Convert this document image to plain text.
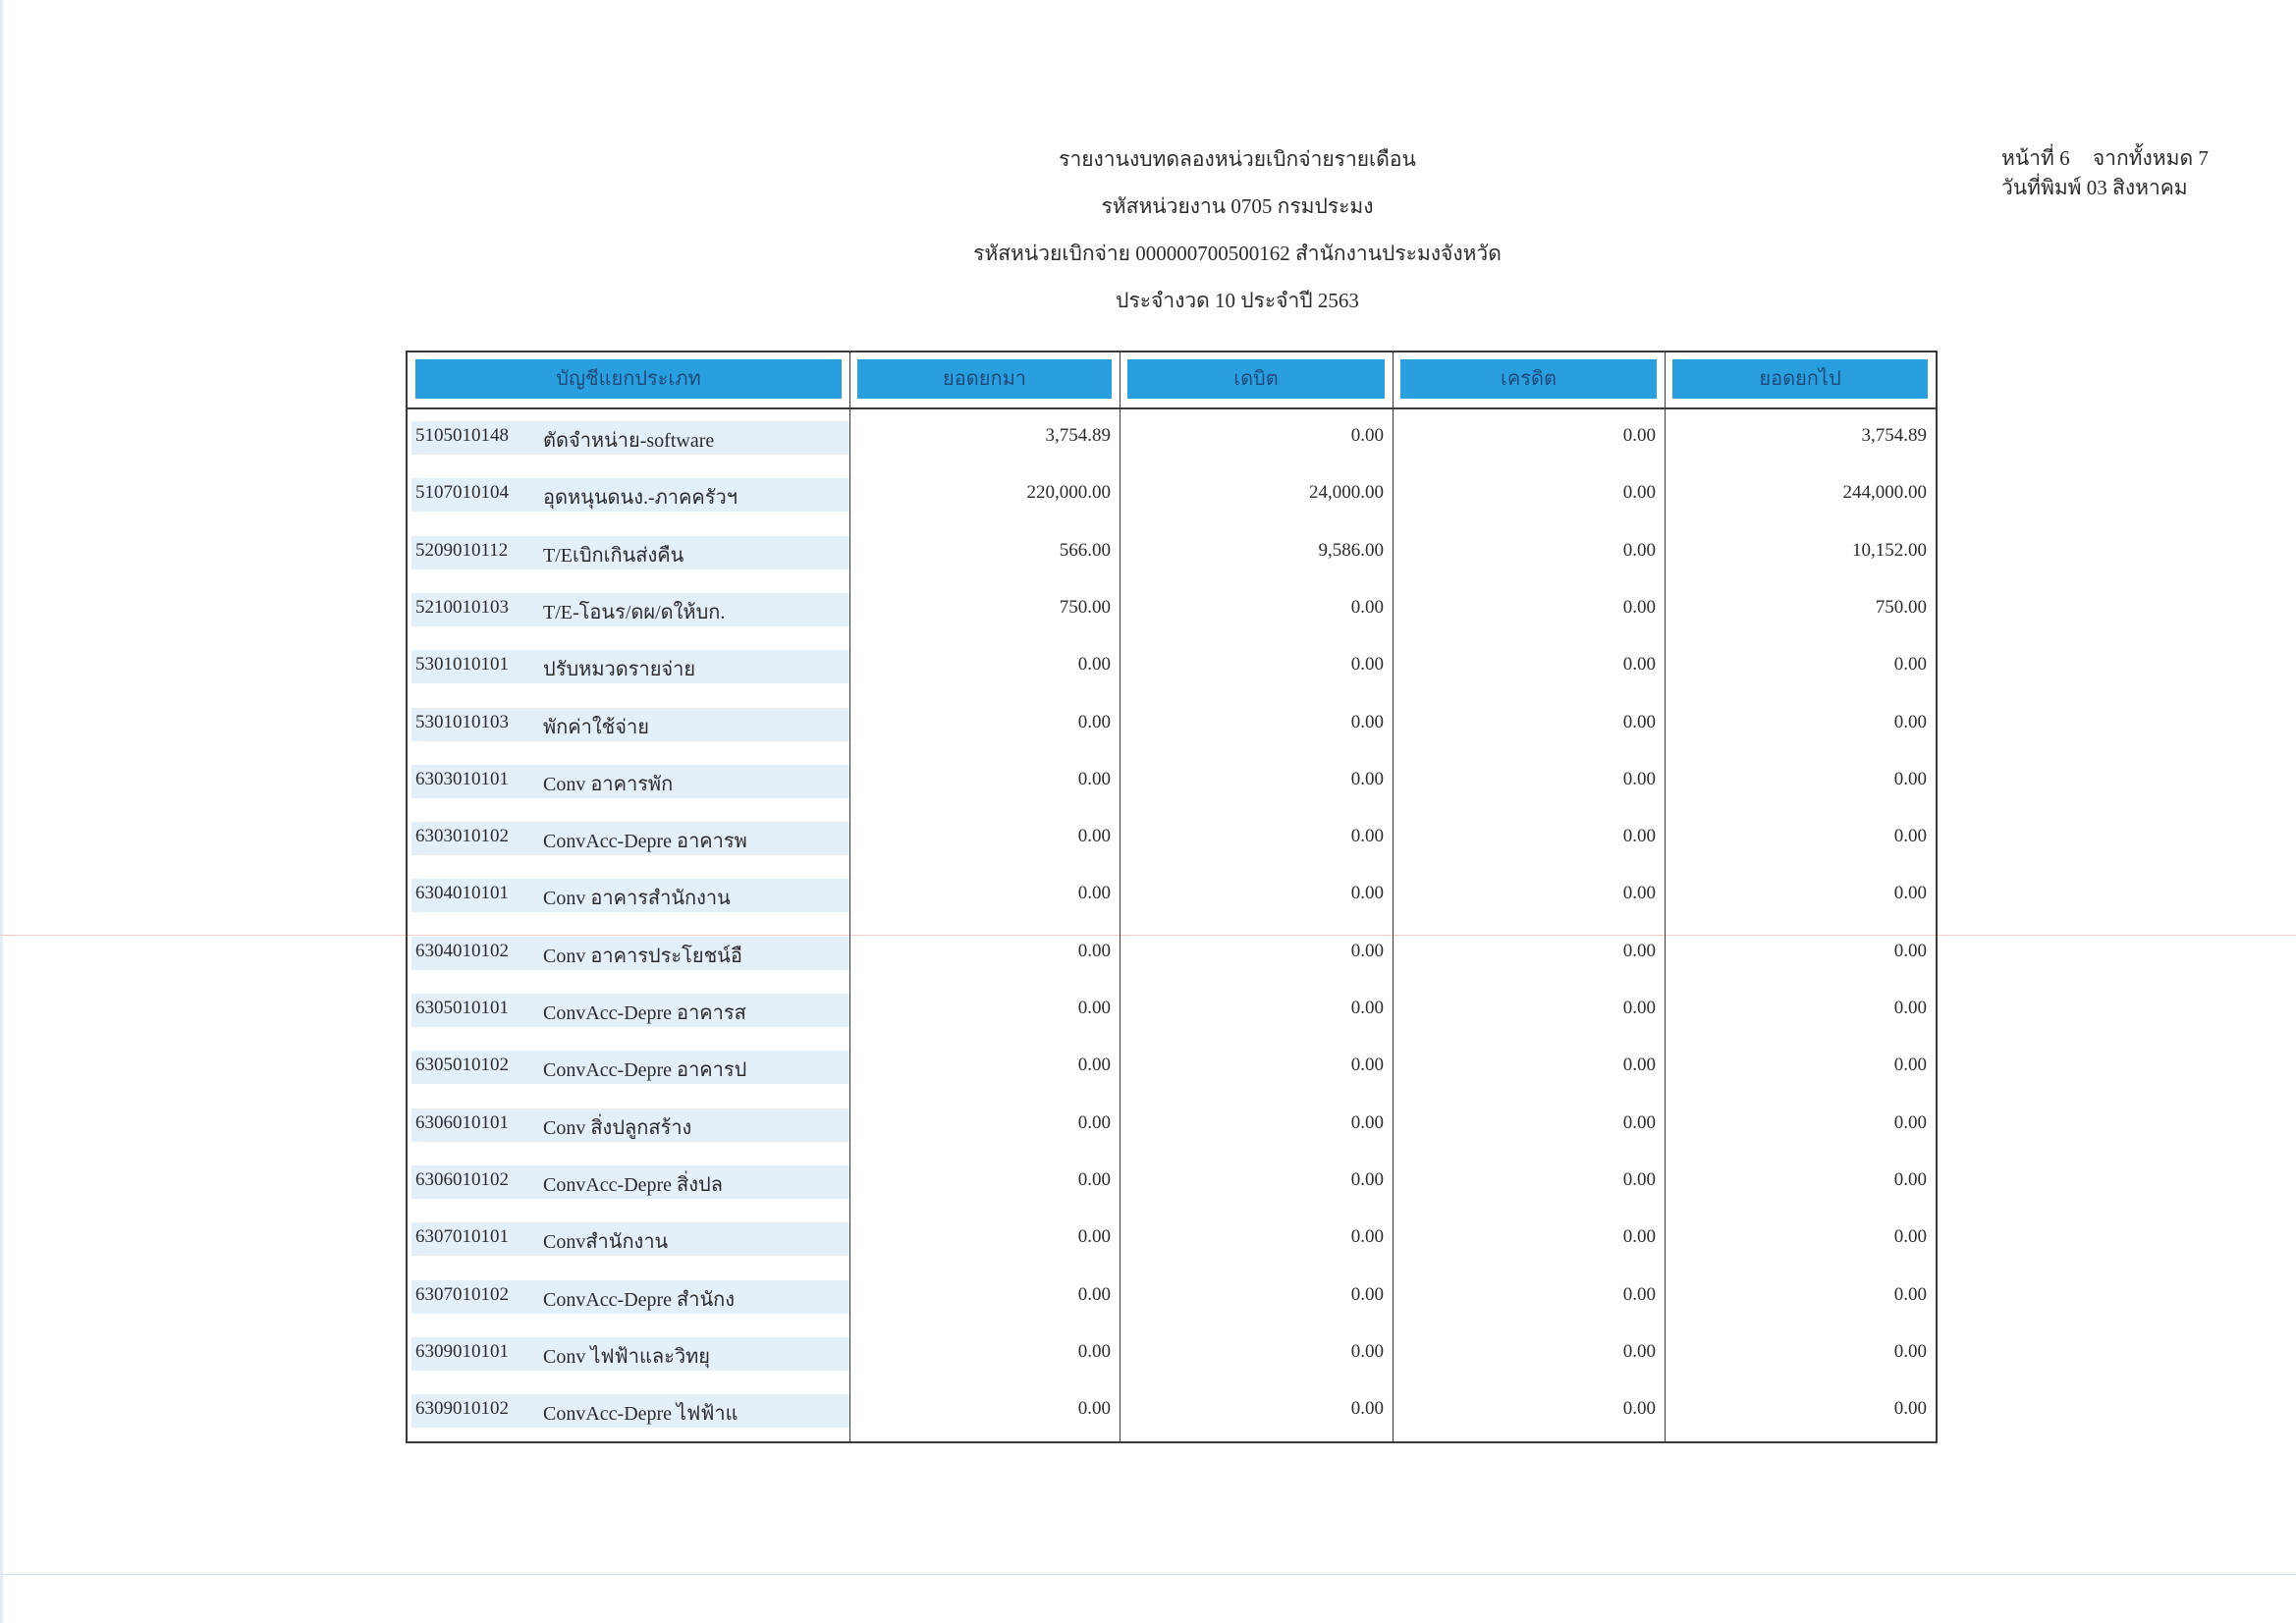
รายงานงบทดลองหน่วยเบิกจ่ายรายเดือน
รหัสหน่วยงาน 0705 กรมประมง
รหัสหน่วยเบิกจ่าย 000000700500162 สำนักงานประมงจังหวัด
ประจำงวด 10 ประจำปี 2563
หน้าที่ 6 จากทั้งหมด 7
วันที่พิมพ์ 03 สิงหาคม
บัญชีแยกประเภท	ยอดยกมา	เดบิต	เครดิต	ยอดยกไป
5105010148 ตัดจำหน่าย-software	3,754.89	0.00	0.00	3,754.89
5107010104 อุดหนุนดนง.-ภาคครัวฯ	220,000.00	24,000.00	0.00	244,000.00
5209010112 T/Eเบิกเกินส่งคืน	566.00	9,586.00	0.00	10,152.00
5210010103 T/E-โอนร/ดผ/ดให้บก.	750.00	0.00	0.00	750.00
5301010101 ปรับหมวดรายจ่าย	0.00	0.00	0.00	0.00
5301010103 พักค่าใช้จ่าย	0.00	0.00	0.00	0.00
6303010101 Conv อาคารพัก	0.00	0.00	0.00	0.00
6303010102 ConvAcc-Depre อาคารพ	0.00	0.00	0.00	0.00
6304010101 Conv อาคารสำนักงาน	0.00	0.00	0.00	0.00
6304010102 Conv อาคารประโยชน์อื	0.00	0.00	0.00	0.00
6305010101 ConvAcc-Depre อาคารส	0.00	0.00	0.00	0.00
6305010102 ConvAcc-Depre อาคารป	0.00	0.00	0.00	0.00
6306010101 Conv สิ่งปลูกสร้าง	0.00	0.00	0.00	0.00
6306010102 ConvAcc-Depre สิ่งปล	0.00	0.00	0.00	0.00
6307010101 Convสำนักงาน	0.00	0.00	0.00	0.00
6307010102 ConvAcc-Depre สำนักง	0.00	0.00	0.00	0.00
6309010101 Conv ไฟฟ้าและวิทยุ	0.00	0.00	0.00	0.00
6309010102 ConvAcc-Depre ไฟฟ้าแ	0.00	0.00	0.00	0.00
